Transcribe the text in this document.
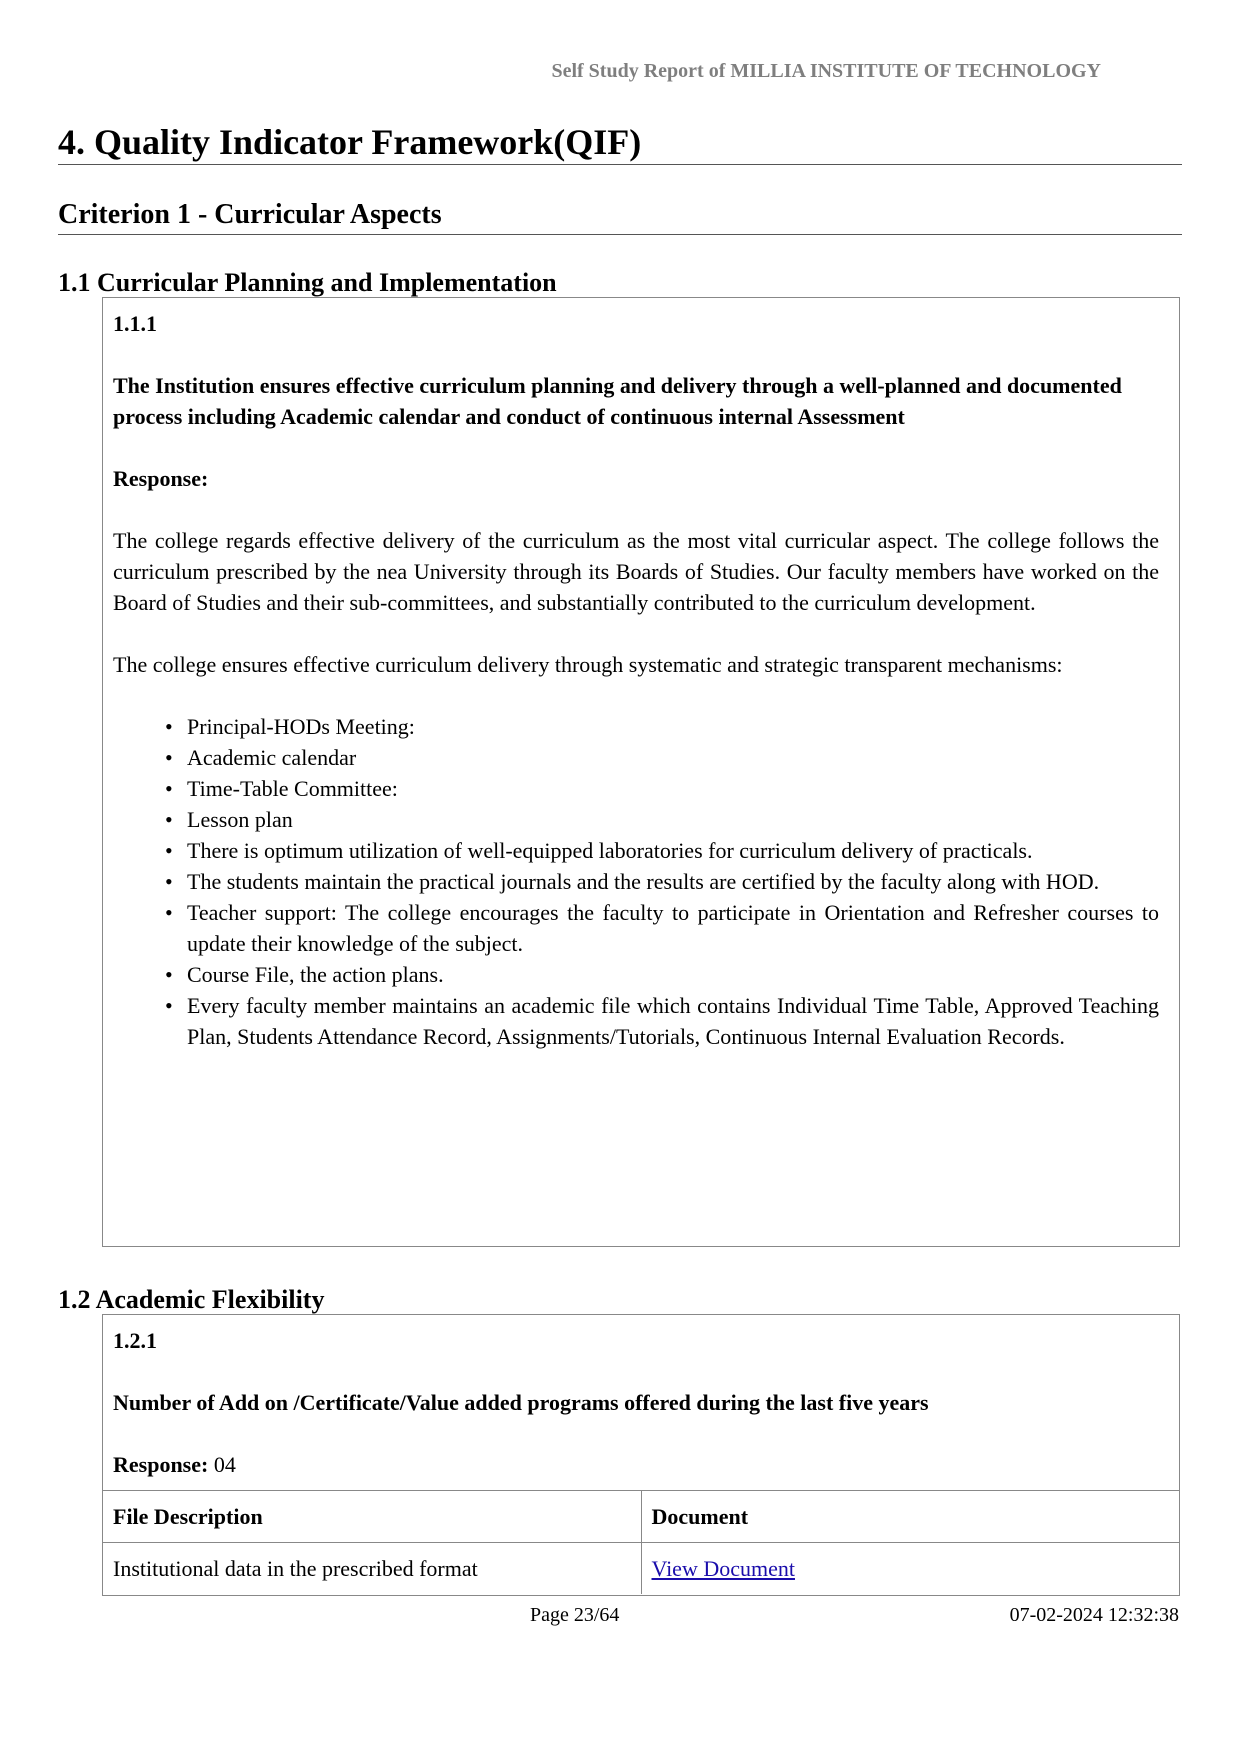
Self Study Report of MILLIA INSTITUTE OF TECHNOLOGY
4. Quality Indicator Framework(QIF)
Criterion 1 - Curricular Aspects
1.1 Curricular Planning and Implementation
1.1.1
The Institution ensures effective curriculum planning and delivery through a well-planned and documented process including Academic calendar and conduct of continuous internal Assessment
Response:
The college regards effective delivery of the curriculum as the most vital curricular aspect. The college follows the curriculum prescribed by the nea University through its Boards of Studies. Our faculty members have worked on the Board of Studies and their sub-committees, and substantially contributed to the curriculum development.
The college ensures effective curriculum delivery through systematic and strategic transparent mechanisms:
• Principal-HODs Meeting:
• Academic calendar
• Time-Table Committee:
• Lesson plan
• There is optimum utilization of well-equipped laboratories for curriculum delivery of practicals.
• The students maintain the practical journals and the results are certified by the faculty along with HOD.
• Teacher support: The college encourages the faculty to participate in Orientation and Refresher courses to update their knowledge of the subject.
• Course File, the action plans.
• Every faculty member maintains an academic file which contains Individual Time Table, Approved Teaching Plan, Students Attendance Record, Assignments/Tutorials, Continuous Internal Evaluation Records.
1.2 Academic Flexibility
1.2.1
Number of Add on /Certificate/Value added programs offered during the last five years
Response: 04
File Description	Document
Institutional data in the prescribed format	View Document
Page 23/64	07-02-2024 12:32:38
